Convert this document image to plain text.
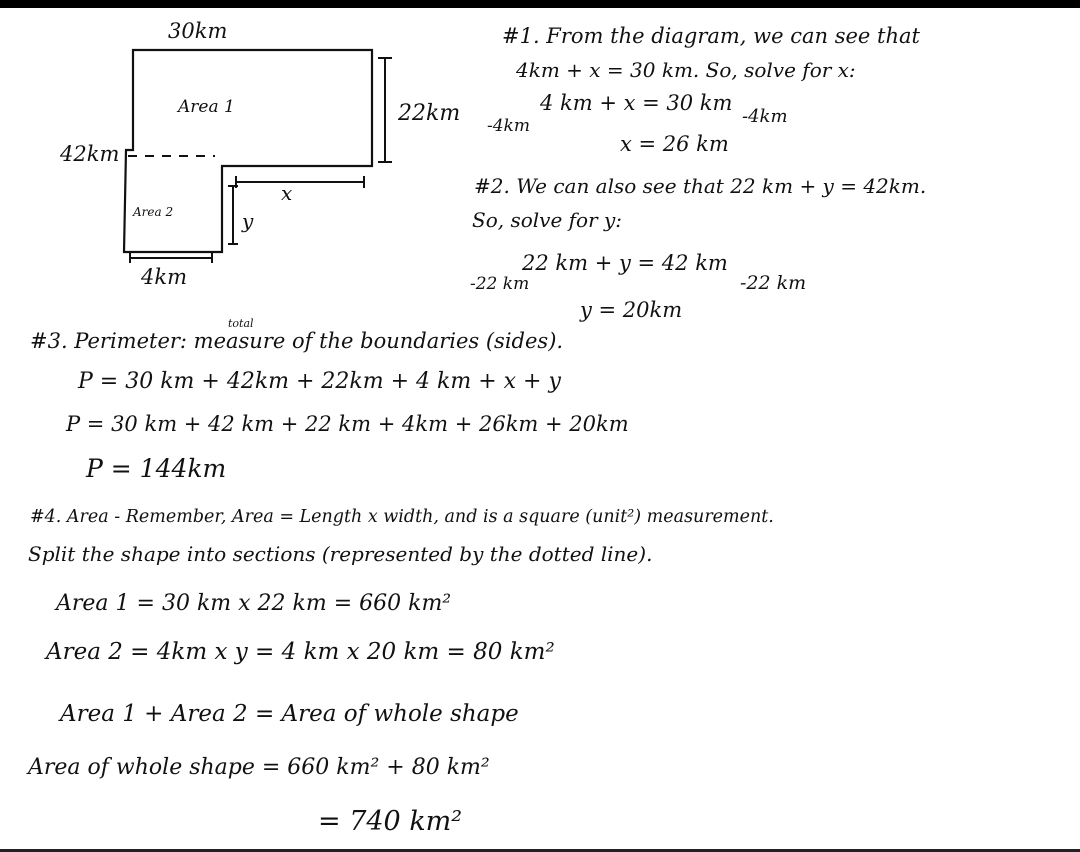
30km
22km
42km
4km
x
y
Area 1
Area 2
#1. From the diagram, we can see that
4km + x = 30 km. So, solve for x:
4 km + x = 30 km
-4km	-4km
x = 26 km
#2. We can also see that 22 km + y = 42km.
So, solve for y:
22 km + y = 42 km
-22 km	-22 km
y = 20km
total
#3. Perimeter: measure of the boundaries (sides).
P = 30 km + 42km + 22km + 4 km + x + y
P = 30 km + 42 km + 22 km + 4km + 26km + 20km
P = 144km
#4. Area - Remember, Area = Length x width, and is a square (unit²) measurement.
Split the shape into sections (represented by the dotted line).
Area 1 = 30 km x 22 km = 660 km²
Area 2 = 4km x y = 4 km x 20 km = 80 km²
Area 1 + Area 2 = Area of whole shape
Area of whole shape = 660 km² + 80 km²
= 740 km²
